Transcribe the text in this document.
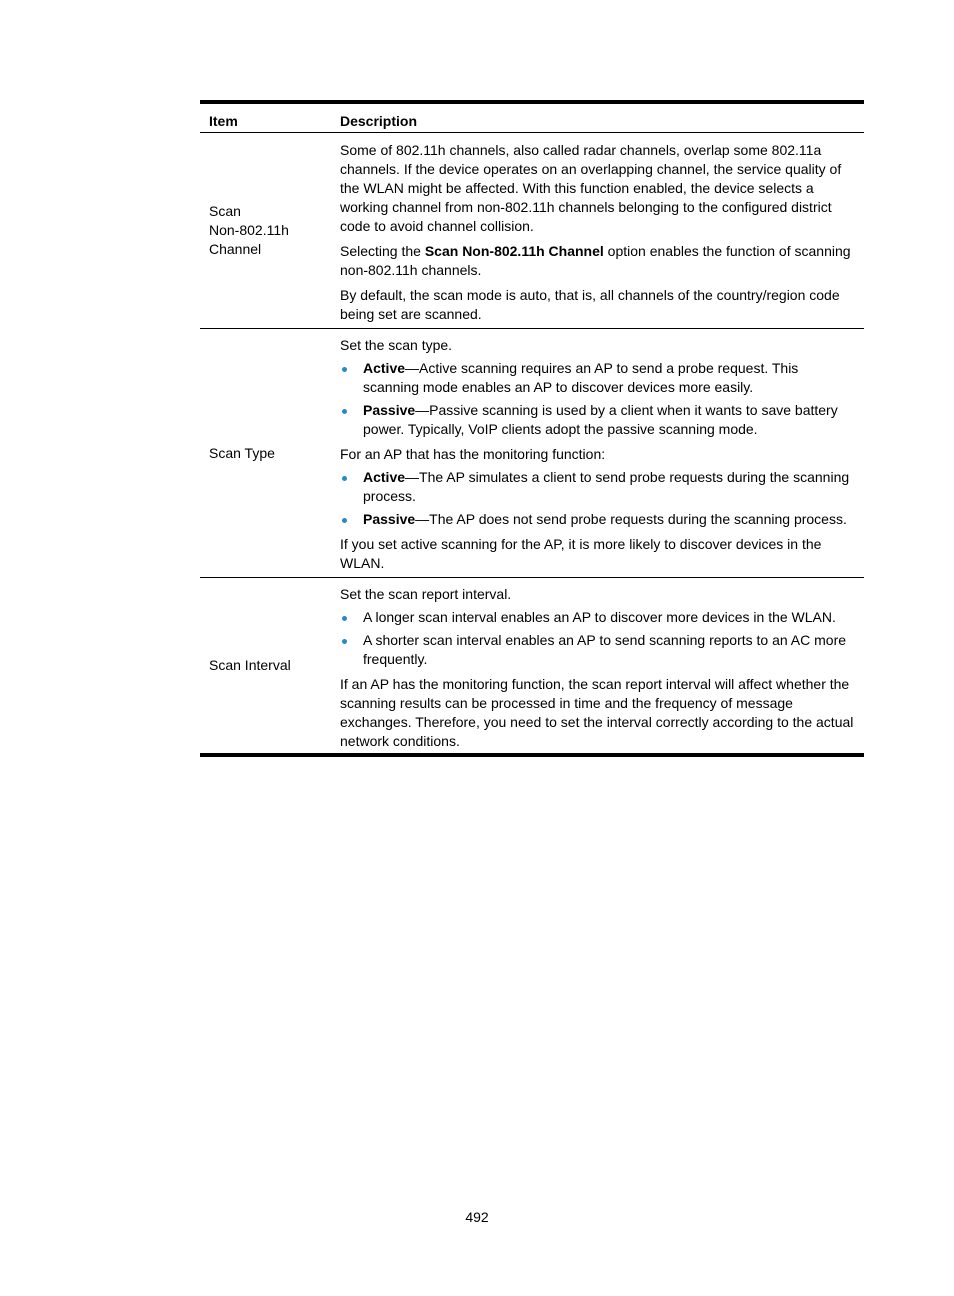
Item	Description
Scan
Non-802.11h
Channel

Some of 802.11h channels, also called radar channels, overlap some 802.11a channels. If the device operates on an overlapping channel, the service quality of the WLAN might be affected. With this function enabled, the device selects a working channel from non-802.11h channels belonging to the configured district code to avoid channel collision.

Selecting the Scan Non-802.11h Channel option enables the function of scanning non-802.11h channels.

By default, the scan mode is auto, that is, all channels of the country/region code being set are scanned.

Scan Type

Set the scan type.

Active—Active scanning requires an AP to send a probe request. This scanning mode enables an AP to discover devices more easily.
Passive—Passive scanning is used by a client when it wants to save battery power. Typically, VoIP clients adopt the passive scanning mode.

For an AP that has the monitoring function:

Active—The AP simulates a client to send probe requests during the scanning process.
Passive—The AP does not send probe requests during the scanning process.

If you set active scanning for the AP, it is more likely to discover devices in the WLAN.

Scan Interval

Set the scan report interval.

A longer scan interval enables an AP to discover more devices in the WLAN.
A shorter scan interval enables an AP to send scanning reports to an AC more frequently.

If an AP has the monitoring function, the scan report interval will affect whether the scanning results can be processed in time and the frequency of message exchanges. Therefore, you need to set the interval correctly according to the actual network conditions.

492
